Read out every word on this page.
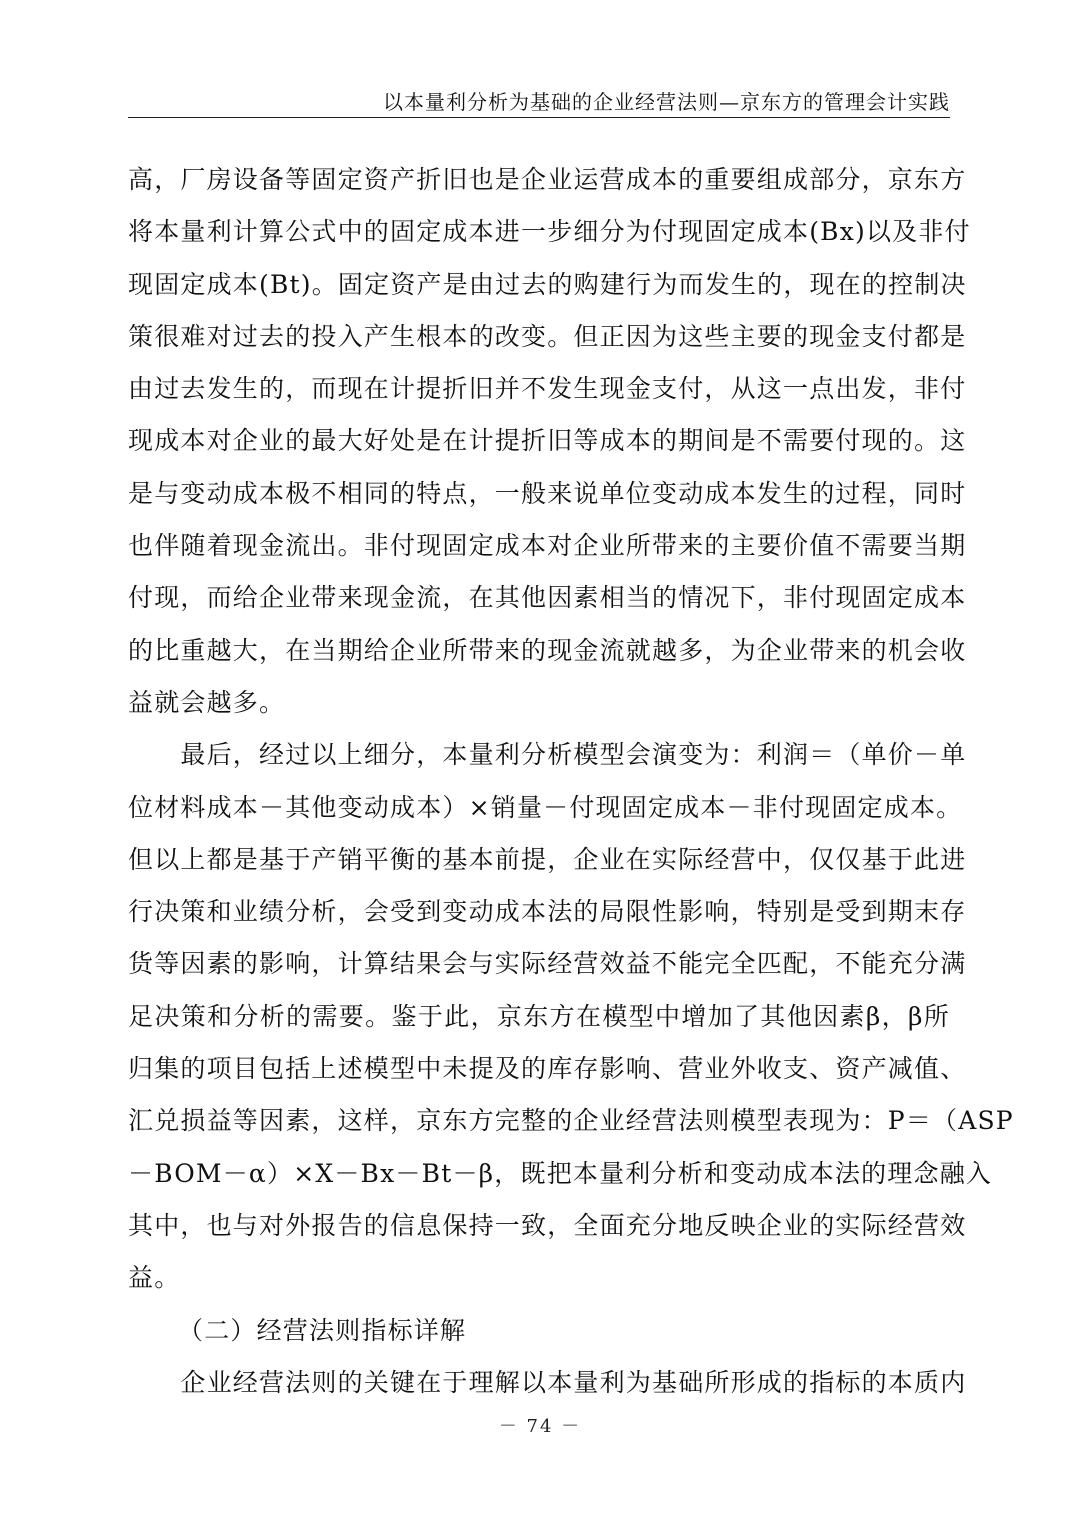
以本量利分析为基础的企业经营法则—京东方的管理会计实践
高，厂房设备等固定资产折旧也是企业运营成本的重要组成部分，京东方
将本量利计算公式中的固定成本进一步细分为付现固定成本(Bx)以及非付
现固定成本(Bt)。固定资产是由过去的购建行为而发生的，现在的控制决
策很难对过去的投入产生根本的改变。但正因为这些主要的现金支付都是
由过去发生的，而现在计提折旧并不发生现金支付，从这一点出发，非付
现成本对企业的最大好处是在计提折旧等成本的期间是不需要付现的。这
是与变动成本极不相同的特点，一般来说单位变动成本发生的过程，同时
也伴随着现金流出。非付现固定成本对企业所带来的主要价值不需要当期
付现，而给企业带来现金流，在其他因素相当的情况下，非付现固定成本
的比重越大，在当期给企业所带来的现金流就越多，为企业带来的机会收
益就会越多。
　　最后，经过以上细分，本量利分析模型会演变为：利润＝（单价－单
位材料成本－其他变动成本）×销量－付现固定成本－非付现固定成本。
但以上都是基于产销平衡的基本前提，企业在实际经营中，仅仅基于此进
行决策和业绩分析，会受到变动成本法的局限性影响，特别是受到期末存
货等因素的影响，计算结果会与实际经营效益不能完全匹配，不能充分满
足决策和分析的需要。鉴于此，京东方在模型中增加了其他因素β，β所
归集的项目包括上述模型中未提及的库存影响、营业外收支、资产减值、
汇兑损益等因素，这样，京东方完整的企业经营法则模型表现为：P＝（ASP
－BOM－α）×X－Bx－Bt－β，既把本量利分析和变动成本法的理念融入
其中，也与对外报告的信息保持一致，全面充分地反映企业的实际经营效
益。
（二）经营法则指标详解
　　企业经营法则的关键在于理解以本量利为基础所形成的指标的本质内
－ 74 －
